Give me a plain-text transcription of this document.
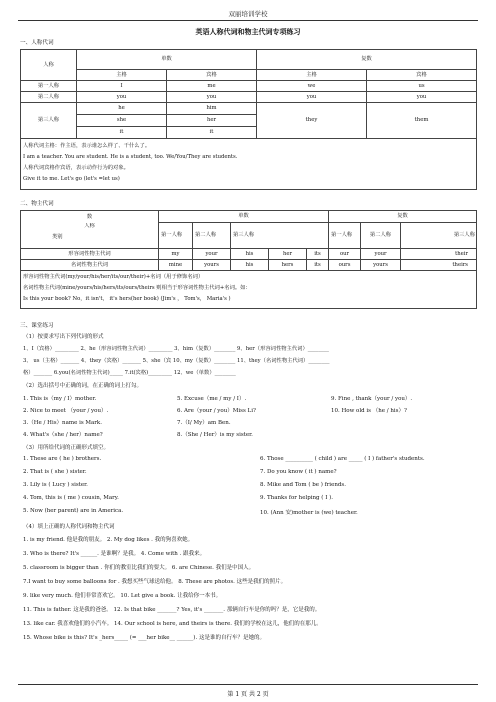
双丽培训学校
英语人称代词和物主代词专项练习
一、人称代词
人称	单数		复数	
	主格	宾格	主格	宾格
第一人称	I	me	we	us
第二人称	you	you	you	you
第三人称	he	him	they	them
	she	her		
	it	it		

人称代词主格：作主语，表示谁怎么样了、干什么了。
I am a teacher. You are student. He is a student, too. We/You/They are students.
人称代词宾格作宾语，表示动作行为的对象。
Give it to me. Let's go (let's =let us)				
二、物主代词
数	单数					复数		

人称
类别	第一人称	第二人称	第三人称			第一人称	第二人称	第三人称
形容词性物主代词	my	your	his	her	its	our	your	their
名词性物主代词	mine	yours	his	hers	its	ours	yours	theirs

形容词性物主代词(my/your/his/her/its/our/their)+名词（用于修饰名词）
名词性物主代词(mine/yours/his/hers/its/ours/theirs 则相当于形容词性物主代词+名词。如：
Is this your book? No，it isn't， it's hers(her book) (Jim's ， Tom's， Maria's )								
三、课堂练习
（1）按要求写出下列代词的形式
1、I（宾格）_________ 2、he（形容词性物主代词）_________ 3、him（复数）________ 9、her（形容词性物主代词）________
3、 us（主格）_______ 4、they（宾格）_______ 5、she（宾 10、my（复数）________ 11、they（名词性物主代词）________
格）_______ 6.you(名词性物主代词)_____ 7.it(宾格)_________ 12、we（单数）________
（2）选出括号中正确的词，在正确的词上打勾。
1. This is（my / I）mother.
2. Nice to meet （your / you）.
3.（He / His）name is Mark.
4. What's（she / her）name?
5. Excuse（me / my / I）.
6. Are（your / you）Miss Li?
7.（I/ My）am Ben.
8.（She / Her）is my sister.
9. Fine , thank（your / you）.
10. How old is （he / his）?
（3）用所给代词的正确形式填空。
1. These are ( he ) brothers.
2. That is ( she ) sister.
3. Lily is ( Lucy ) sister.
4. Tom, this is ( me ) cousin, Mary.
5. Now (her parent) are in America.
6. Those __________ ( child ) are _____ ( I ) father's students.
7. Do you know ( it ) name?
8. Mike and Tom ( be ) friends.
9. Thanks for helping ( I ).
10. (Ann 安)mother is (we) teacher.
（4）填上正确的人称代词和物主代词
1. is my friend. 他是我的朋友。 2. My dog likes . 我的狗喜欢她。
3. Who is there? It's ______. 是谁啊？是我。 4. Come with . 跟我来。
5. classroom is bigger than . 你们的教室比我们的要大。 6. are Chinese. 我们是中国人。
7.I want to buy some balloons for . 我想买些气球送给他。 8. These are photos. 这些是我们的照片。
9. like very much. 他们非常喜欢它。 10. Let give a book. 让我给你一本书。
11. This is father. 这是我的爸爸。 12. Is that bike _______? Yes, it's _______. 那辆自行车是你的吗？是，它是我的。
13. like car. 我喜欢他们的小汽车。 14. Our school is here, and theirs is there. 我们的学校在这儿，他们的在那儿。
15. Whose bike is this? It's _hers_____ (= ___her bike__ ______). 这是谁的自行车？是她的。
第 1 页 共 2 页
